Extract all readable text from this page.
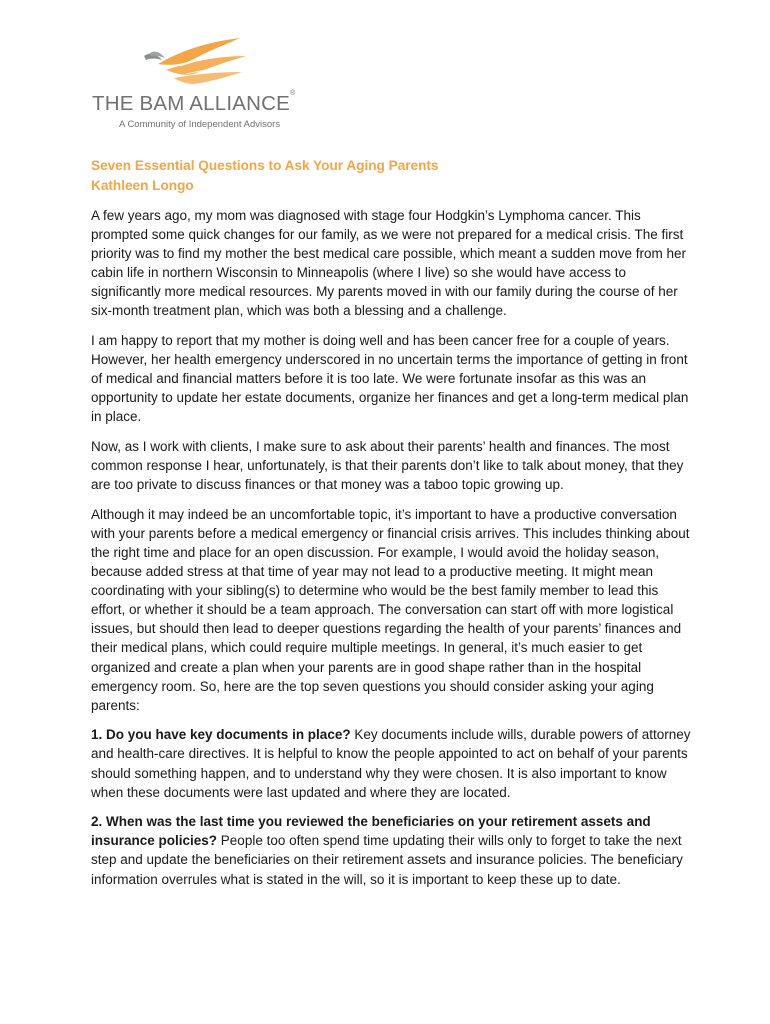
THE BAM ALLIANCE®
A Community of Independent Advisors
Seven Essential Questions to Ask Your Aging Parents
Kathleen Longo

A few years ago, my mom was diagnosed with stage four Hodgkin’s Lymphoma cancer. This prompted some quick changes for our family, as we were not prepared for a medical crisis. The first priority was to find my mother the best medical care possible, which meant a sudden move from her cabin life in northern Wisconsin to Minneapolis (where I live) so she would have access to significantly more medical resources. My parents moved in with our family during the course of her six-month treatment plan, which was both a blessing and a challenge.

I am happy to report that my mother is doing well and has been cancer free for a couple of years. However, her health emergency underscored in no uncertain terms the importance of getting in front of medical and financial matters before it is too late. We were fortunate insofar as this was an opportunity to update her estate documents, organize her finances and get a long-term medical plan in place.

Now, as I work with clients, I make sure to ask about their parents’ health and finances. The most common response I hear, unfortunately, is that their parents don’t like to talk about money, that they are too private to discuss finances or that money was a taboo topic growing up.

Although it may indeed be an uncomfortable topic, it’s important to have a productive conversation with your parents before a medical emergency or financial crisis arrives. This includes thinking about the right time and place for an open discussion. For example, I would avoid the holiday season, because added stress at that time of year may not lead to a productive meeting. It might mean coordinating with your sibling(s) to determine who would be the best family member to lead this effort, or whether it should be a team approach. The conversation can start off with more logistical issues, but should then lead to deeper questions regarding the health of your parents’ finances and their medical plans, which could require multiple meetings. In general, it’s much easier to get organized and create a plan when your parents are in good shape rather than in the hospital emergency room. So, here are the top seven questions you should consider asking your aging parents:

1. Do you have key documents in place? Key documents include wills, durable powers of attorney and health-care directives. It is helpful to know the people appointed to act on behalf of your parents should something happen, and to understand why they were chosen. It is also important to know when these documents were last updated and where they are located.

2. When was the last time you reviewed the beneficiaries on your retirement assets and insurance policies? People too often spend time updating their wills only to forget to take the next step and update the beneficiaries on their retirement assets and insurance policies. The beneficiary information overrules what is stated in the will, so it is important to keep these up to date.
